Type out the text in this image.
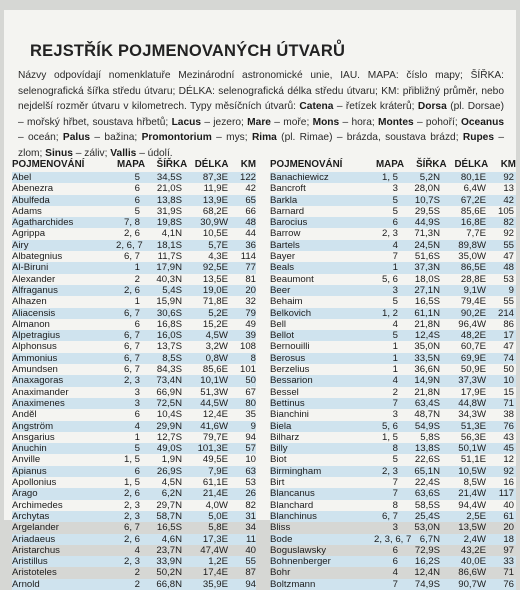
REJSTŘÍK POJMENOVANÝCH ÚTVARŮ
Názvy odpovídají nomenklatuře Mezinárodní astronomické unie, IAU. MAPA: číslo mapy; ŠÍŘKA: selenografická šířka středu útvaru; DÉLKA: selenografická délka středu útvaru; KM: přibližný průměr, nebo nejdelší rozměr útvaru v kilometrech. Typy měsíčních útvarů: Catena – řetízek kráterů; Dorsa (pl. Dorsae) – mořský hřbet, soustava hřbetů; Lacus – jezero; Mare – moře; Mons – hora; Montes – pohoří; Oceanus – oceán; Palus – bažina; Promontorium – mys; Rima (pl. Rimae) – brázda, soustava brázd; Rupes – zlom; Sinus – záliv; Vallis – údolí.
POJMENOVÁNÍ	MAPA	ŠÍŘKA DÉLKA	KM
Abel	5	34,5S	87,3E	122
Abenezra	6	21,0S	11,9E	42
Abulfeda	6	13,8S	13,9E	65
Adams	5	31,9S	68,2E	66
Agatharchides	7, 8	19,8S	30,9W	48
Agrippa	2, 6	4,1N	10,5E	44
Airy	2, 6, 7	18,1S	5,7E	36
Albategnius	6, 7	11,7S	4,3E	114
Al-Biruni	1	17,9N	92,5E	77
Alexander	2	40,3N	13,5E	81
Alfraganus	2, 6	5,4S	19,0E	20
Alhazen	1	15,9N	71,8E	32
Aliacensis	6, 7	30,6S	5,2E	79
Almanon	6	16,8S	15,2E	49
Alpetragius	6, 7	16,0S	4,5W	39
Alphonsus	6, 7	13,7S	3,2W	108
Ammonius	6, 7	8,5S	0,8W	8
Amundsen	6, 7	84,3S	85,6E	101
Anaxagoras	2, 3	73,4N	10,1W	50
Anaximander	3	66,9N	51,3W	67
Anaximenes	3	72,5N	44,5W	80
Andĕl	6	10,4S	12,4E	35
Angström	4	29,9N	41,6W	9
Ansgarius	1	12,7S	79,7E	94
Anuchin	5	49,0S	101,3E	57
Anville	1, 5	1,9N	49,5E	10
Apianus	6	26,9S	7,9E	63
Apollonius	1, 5	4,5N	61,1E	53
Arago	2, 6	6,2N	21,4E	26
Archimedes	2, 3	29,7N	4,0W	82
Archytas	2, 3	58,7N	5,0E	31
Argelander	6, 7	16,5S	5,8E	34
Ariadaeus	2, 6	4,6N	17,3E	11
Aristarchus	4	23,7N	47,4W	40
Aristillus	2, 3	33,9N	1,2E	55
Aristoteles	2	50,2N	17,4E	87
Arnold	2	66,8N	35,9E	94
POJMENOVÁNÍ	MAPA	ŠÍŘKA DÉLKA	KM
Banachiewicz	1, 5	5,2N	80,1E	92
Bancroft	3	28,0N	6,4W	13
Barkla	5	10,7S	67,2E	42
Barnard	5	29,5S	85,6E	105
Barocius	6	44,9S	16,8E	82
Barrow	2, 3	71,3N	7,7E	92
Bartels	4	24,5N	89,8W	55
Bayer	7	51,6S	35,0W	47
Beals	1	37,3N	86,5E	48
Beaumont	5, 6	18,0S	28,8E	53
Beer	3	27,1N	9,1W	9
Behaim	5	16,5S	79,4E	55
Belkovich	1, 2	61,1N	90,2E	214
Bell	4	21,8N	96,4W	86
Bellot	5	12,4S	48,2E	17
Bernouilli	1	35,0N	60,7E	47
Berosus	1	33,5N	69,9E	74
Berzelius	1	36,6N	50,9E	50
Bessarion	4	14,9N	37,3W	10
Bessel	2	21,8N	17,9E	15
Bettinus	7	63,4S	44,8W	71
Bianchini	3	48,7N	34,3W	38
Biela	5, 6	54,9S	51,3E	76
Bilharz	1, 5	5,8S	56,3E	43
Billy	8	13,8S	50,1W	45
Biot	5	22,6S	51,1E	12
Birmingham	2, 3	65,1N	10,5W	92
Birt	7	22,4S	8,5W	16
Blancanus	7	63,6S	21,4W	117
Blanchard	8	58,5S	94,4W	40
Blanchinus	6, 7	25,4S	2,5E	61
Bliss	3	53,0N	13,5W	20
Bode	2, 3, 6, 7 6,7N	2,4W	18
Boguslawsky	6	72,9S	43,2E	97
Bohnenberger	6	16,2S	40,0E	33
Bohr	4	12,4N	86,6W	71
Boltzmann	7	74,9S	90,7W	76
